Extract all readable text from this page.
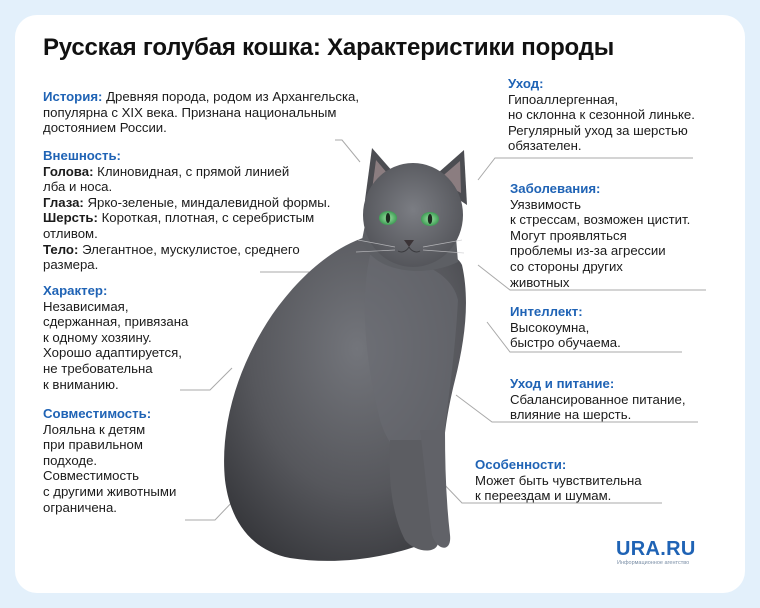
Русская голубая кошка: Характеристики породы
История: Древняя порода, родом из Архангельска,
популярна с XIX века. Признана национальным
достоянием России.
Внешность:
Голова: Клиновидная, с прямой линией
лба и носа.
Глаза: Ярко-зеленые, миндалевидной формы.
Шерсть: Короткая, плотная, с серебристым
отливом.
Тело: Элегантное, мускулистое, среднего
размера.
Характер:
Независимая,
сдержанная, привязана
к одному хозяину.
Хорошо адаптируется,
не требовательна
к вниманию.
Совместимость:
Лояльна к детям
при правильном
подходе.
Совместимость
с другими животными
ограничена.
Уход:
Гипоаллергенная,
но склонна к сезонной линьке.
Регулярный уход за шерстью
обязателен.
Заболевания:
Уязвимость
к стрессам, возможен цистит.
Могут проявляться
проблемы из-за агрессии
со стороны других
животных
Интеллект:
Высокоумна,
быстро обучаема.
Уход и питание:
Сбалансированное питание,
влияние на шерсть.
Особенности:
Может быть чувствительна
к переездам и шумам.
URA.RU
Информационное агентство
